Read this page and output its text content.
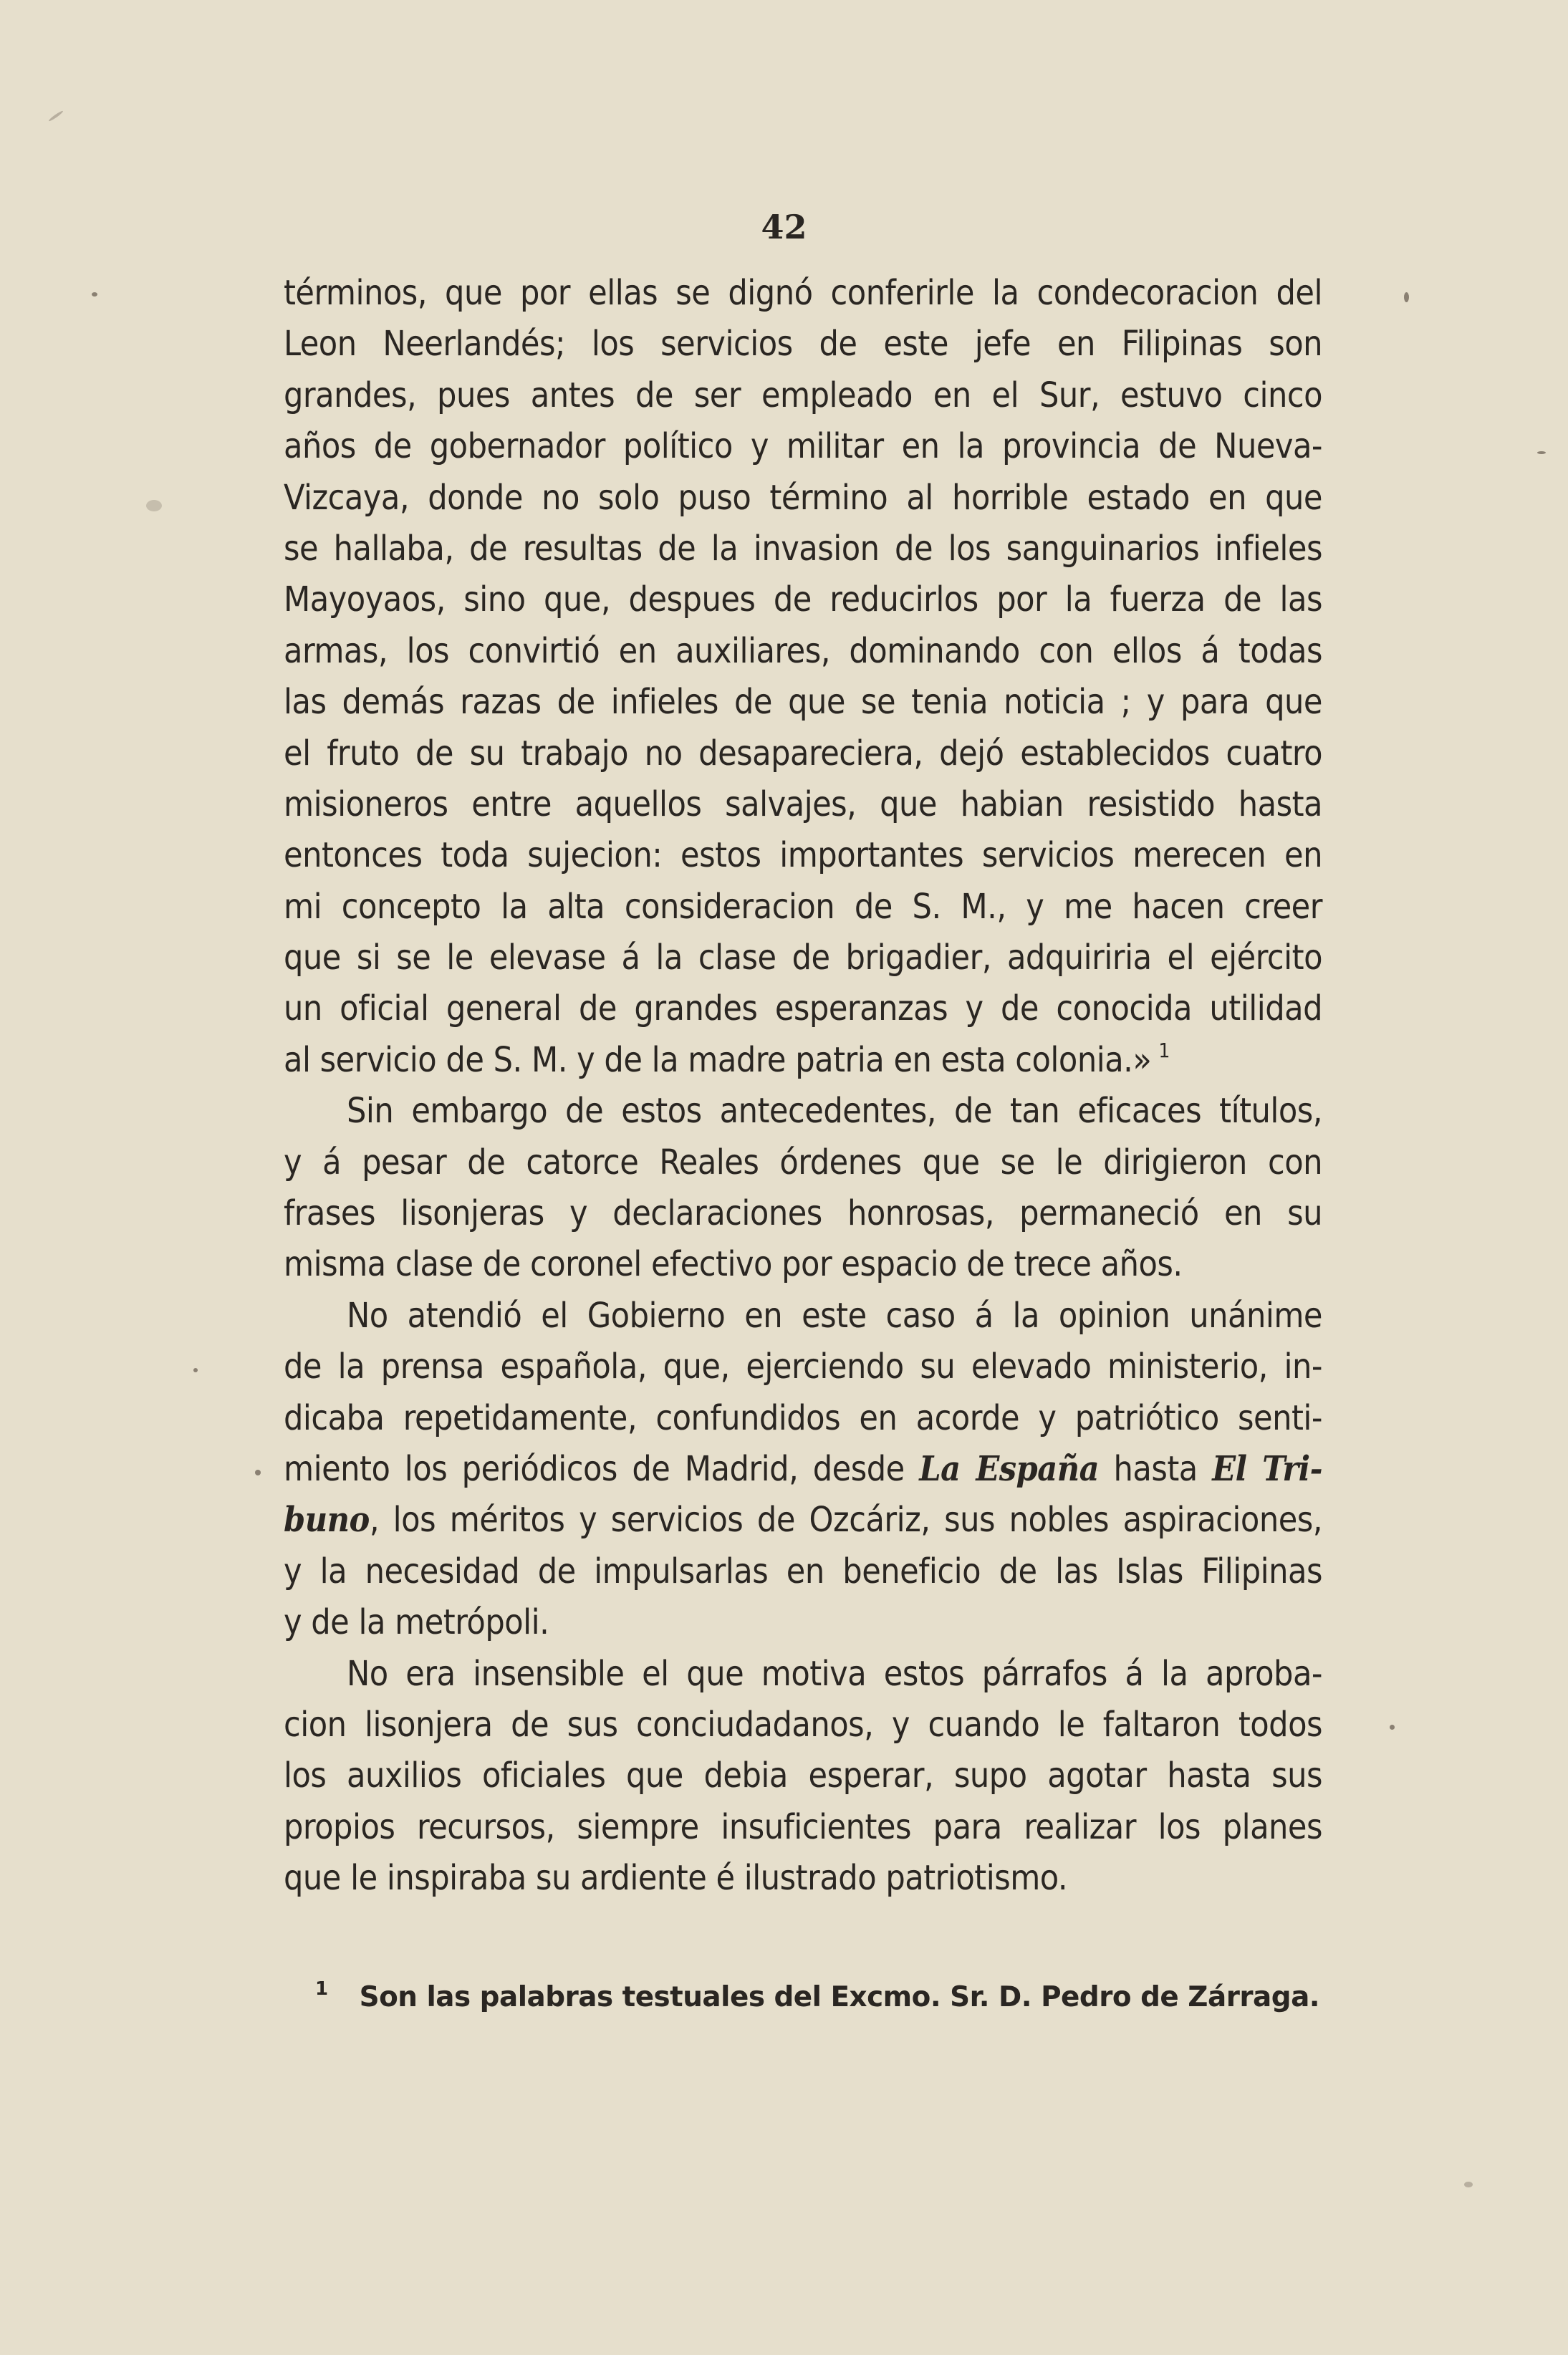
42
términos, que por ellas se dignó conferirle la condecoracion del
Leon Neerlandés; los servicios de este jefe en Filipinas son
grandes, pues antes de ser empleado en el Sur, estuvo cinco
años de gobernador político y militar en la provincia de Nueva-
Vizcaya, donde no solo puso término al horrible estado en que
se hallaba, de resultas de la invasion de los sanguinarios infieles
Mayoyaos, sino que, despues de reducirlos por la fuerza de las
armas, los convirtió en auxiliares, dominando con ellos á todas
las demás razas de infieles de que se tenia noticia ; y para que
el fruto de su trabajo no desapareciera, dejó establecidos cuatro
misioneros entre aquellos salvajes, que habian resistido hasta
entonces toda sujecion: estos importantes servicios merecen en
mi concepto la alta consideracion de S. M., y me hacen creer
que si se le elevase á la clase de brigadier, adquiriria el ejército
un oficial general de grandes esperanzas y de conocida utilidad
al servicio de S. M. y de la madre patria en esta colonia.» $^1$
Sin embargo de estos antecedentes, de tan eficaces títulos,
y á pesar de catorce Reales órdenes que se le dirigieron con
frases lisonjeras y declaraciones honrosas, permaneció en su
misma clase de coronel efectivo por espacio de trece años.
No atendió el Gobierno en este caso á la opinion unánime
de la prensa española, que, ejerciendo su elevado ministerio, in-
dicaba repetidamente, confundidos en acorde y patriótico senti-
miento los periódicos de Madrid, desde La España hasta El Tri-
buno, los méritos y servicios de Ozcáriz, sus nobles aspiraciones,
y la necesidad de impulsarlas en beneficio de las Islas Filipinas
y de la metrópoli.
No era insensible el que motiva estos párrafos á la aproba-
cion lisonjera de sus conciudadanos, y cuando le faltaron todos
los auxilios oficiales que debia esperar, supo agotar hasta sus
propios recursos, siempre insuficientes para realizar los planes
que le inspiraba su ardiente é ilustrado patriotismo.
$^1$ Son las palabras testuales del Excmo. Sr. D. Pedro de Zárraga.
